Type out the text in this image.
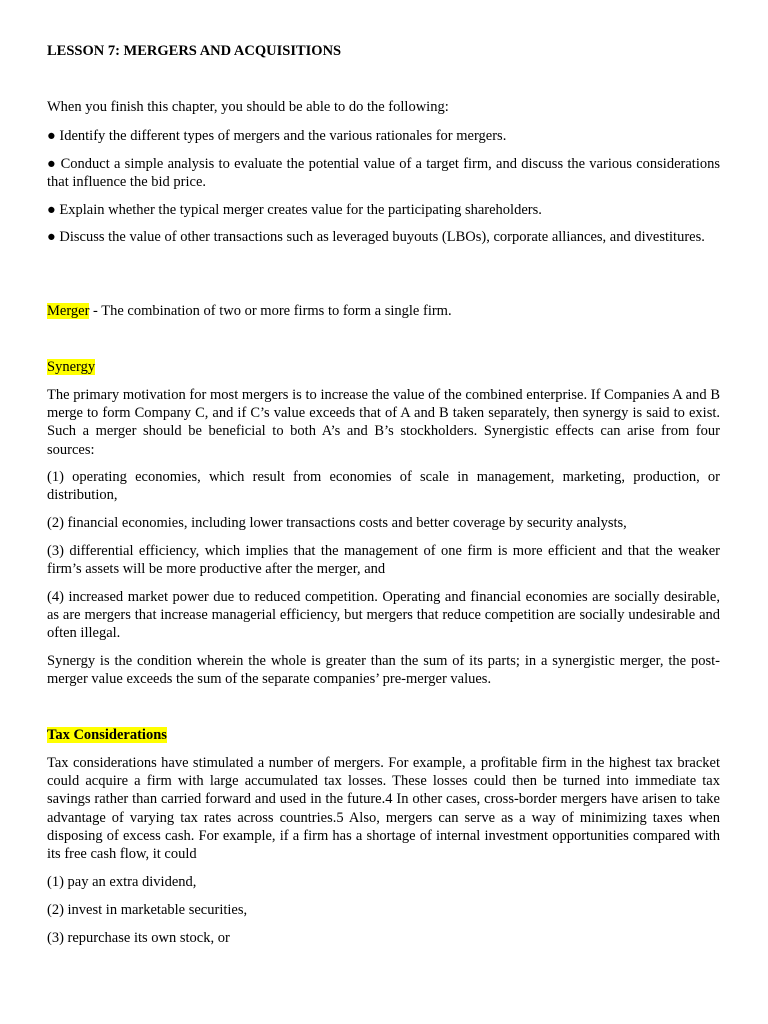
LESSON 7: MERGERS AND ACQUISITIONS

When you finish this chapter, you should be able to do the following:

● Identify the different types of mergers and the various rationales for mergers.

● Conduct a simple analysis to evaluate the potential value of a target firm, and discuss the various considerations that influence the bid price.

● Explain whether the typical merger creates value for the participating shareholders.

● Discuss the value of other transactions such as leveraged buyouts (LBOs), corporate alliances, and divestitures.

Merger - The combination of two or more firms to form a single firm.

Synergy

The primary motivation for most mergers is to increase the value of the combined enterprise. If Companies A and B merge to form Company C, and if C’s value exceeds that of A and B taken separately, then synergy is said to exist. Such a merger should be beneficial to both A’s and B’s stockholders. Synergistic effects can arise from four sources:

(1) operating economies, which result from economies of scale in management, marketing, production, or distribution,

(2) financial economies, including lower transactions costs and better coverage by security analysts,

(3) differential efficiency, which implies that the management of one firm is more efficient and that the weaker firm’s assets will be more productive after the merger, and

(4) increased market power due to reduced competition. Operating and financial economies are socially desirable, as are mergers that increase managerial efficiency, but mergers that reduce competition are socially undesirable and often illegal.

Synergy is the condition wherein the whole is greater than the sum of its parts; in a synergistic merger, the post-merger value exceeds the sum of the separate companies’ pre-merger values.

Tax Considerations

Tax considerations have stimulated a number of mergers. For example, a profitable firm in the highest tax bracket could acquire a firm with large accumulated tax losses. These losses could then be turned into immediate tax savings rather than carried forward and used in the future.4 In other cases, cross-border mergers have arisen to take advantage of varying tax rates across countries.5 Also, mergers can serve as a way of minimizing taxes when disposing of excess cash. For example, if a firm has a shortage of internal investment opportunities compared with its free cash flow, it could

(1) pay an extra dividend,

(2) invest in marketable securities,

(3) repurchase its own stock, or
